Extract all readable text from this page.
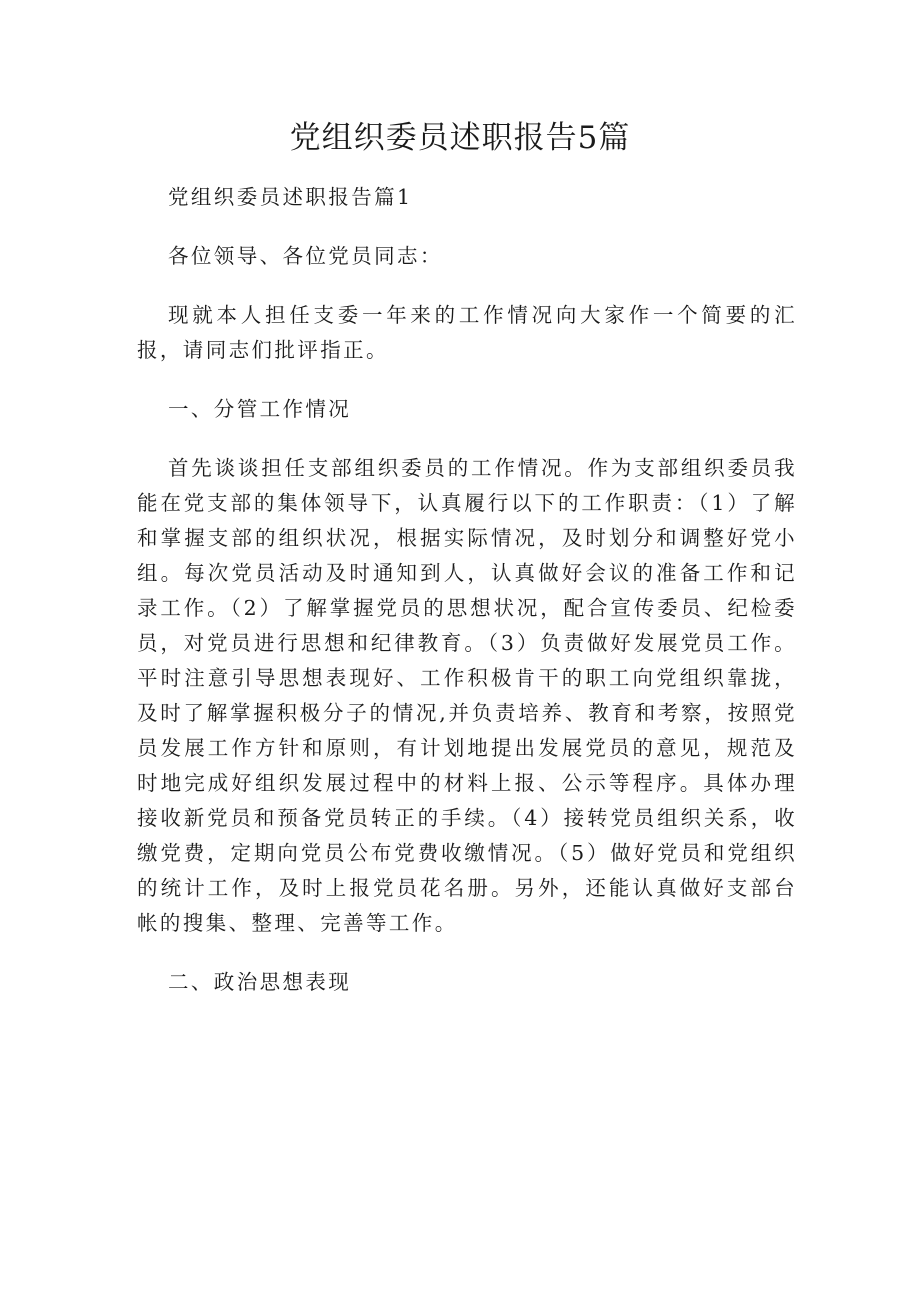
党组织委员述职报告5篇

党组织委员述职报告篇1

各位领导、各位党员同志：

现就本人担任支委一年来的工作情况向大家作一个简要的汇报，请同志们批评指正。

一、分管工作情况

首先谈谈担任支部组织委员的工作情况。作为支部组织委员我能在党支部的集体领导下，认真履行以下的工作职责：（1）了解和掌握支部的组织状况，根据实际情况，及时划分和调整好党小组。每次党员活动及时通知到人，认真做好会议的准备工作和记录工作。（2）了解掌握党员的思想状况，配合宣传委员、纪检委员，对党员进行思想和纪律教育。（3）负责做好发展党员工作。平时注意引导思想表现好、工作积极肯干的职工向党组织靠拢，及时了解掌握积极分子的情况,并负责培养、教育和考察，按照党员发展工作方针和原则，有计划地提出发展党员的意见，规范及时地完成好组织发展过程中的材料上报、公示等程序。具体办理接收新党员和预备党员转正的手续。（4）接转党员组织关系，收缴党费，定期向党员公布党费收缴情况。（5）做好党员和党组织的统计工作，及时上报党员花名册。另外，还能认真做好支部台帐的搜集、整理、完善等工作。

二、政治思想表现
